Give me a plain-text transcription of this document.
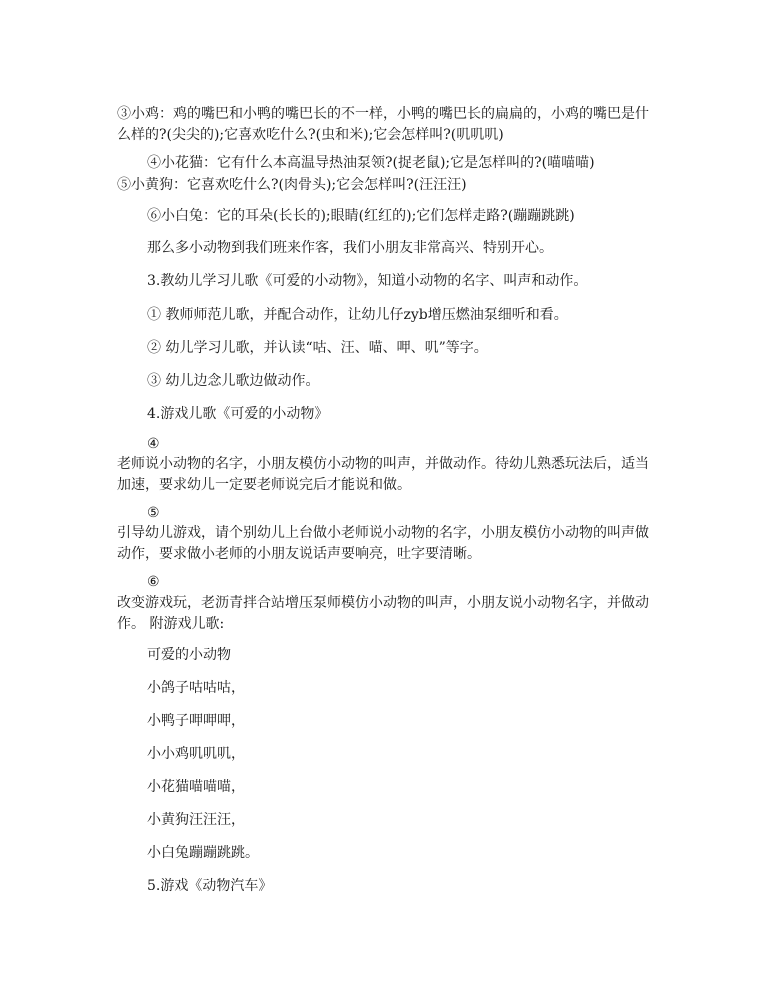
③小鸡：鸡的嘴巴和小鸭的嘴巴长的不一样，小鸭的嘴巴长的扁扁的，小鸡的嘴巴是什么样的?(尖尖的);它喜欢吃什么?(虫和米);它会怎样叫?(叽叽叽)
④小花猫：它有什么本高温导热油泵领?(捉老鼠);它是怎样叫的?(喵喵喵)
⑤小黄狗：它喜欢吃什么?(肉骨头);它会怎样叫?(汪汪汪)
⑥小白兔：它的耳朵(长长的);眼睛(红红的);它们怎样走路?(蹦蹦跳跳)
那么多小动物到我们班来作客，我们小朋友非常高兴、特别开心。
3.教幼儿学习儿歌《可爱的小动物》，知道小动物的名字、叫声和动作。
① 教师师范儿歌，并配合动作，让幼儿仔zyb增压燃油泵细听和看。
② 幼儿学习儿歌，并认读“咕、汪、喵、呷、叽”等字。
③ 幼儿边念儿歌边做动作。
4.游戏儿歌《可爱的小动物》
④
老师说小动物的名字，小朋友模仿小动物的叫声，并做动作。待幼儿熟悉玩法后，适当加速，要求幼儿一定要老师说完后才能说和做。
⑤
引导幼儿游戏，请个别幼儿上台做小老师说小动物的名字，小朋友模仿小动物的叫声做动作，要求做小老师的小朋友说话声要响亮，吐字要清晰。
⑥
改变游戏玩，老沥青拌合站增压泵师模仿小动物的叫声，小朋友说小动物名字，并做动作。 附游戏儿歌:
可爱的小动物
小鸽子咕咕咕，
小鸭子呷呷呷，
小小鸡叽叽叽，
小花猫喵喵喵，
小黄狗汪汪汪，
小白兔蹦蹦跳跳。
5.游戏《动物汽车》
